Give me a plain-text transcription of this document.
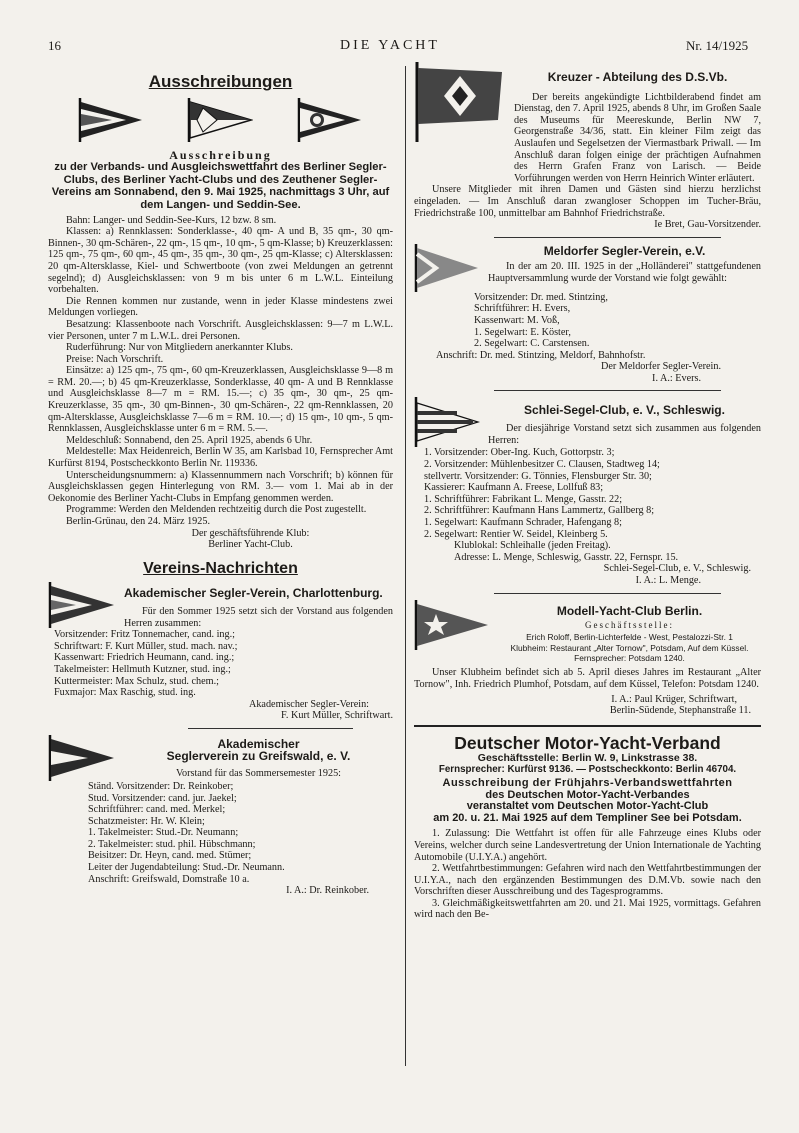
16	DIE YACHT	Nr. 14/1925
Ausschreibungen
Ausschreibung
zu der Verbands- und Ausgleichswettfahrt des Berliner Segler-Clubs, des Berliner Yacht-Clubs und des Zeuthener Segler-Vereins am Sonnabend, den 9. Mai 1925, nachmittags 3 Uhr, auf dem Langen- und Seddin-See.

Bahn: Langer- und Seddin-See-Kurs, 12 bzw. 8 sm.

Klassen: a) Rennklassen: Sonderklasse-, 40 qm- A und B, 35 qm-, 30 qm-Binnen-, 30 qm-Schären-, 22 qm-, 15 qm-, 10 qm-, 5 qm-Klasse; b) Kreuzerklassen: 125 qm-, 75 qm-, 60 qm-, 45 qm-, 35 qm-, 30 qm-, 25 qm-Klasse; c) Altersklassen: 20 qm-Altersklasse, Kiel- und Schwertboote (von zwei Meldungen an getrennt segelnd); d) Ausgleichsklassen: von 9 m bis unter 6 m L.W.L. Einteilung vorbehalten.

Die Rennen kommen nur zustande, wenn in jeder Klasse mindestens zwei Meldungen vorliegen.

Besatzung: Klassenboote nach Vorschrift. Ausgleichsklassen: 9—7 m L.W.L. vier Personen, unter 7 m L.W.L. drei Personen.

Ruderführung: Nur von Mitgliedern anerkannter Klubs.

Preise: Nach Vorschrift.

Einsätze: a) 125 qm-, 75 qm-, 60 qm-Kreuzerklassen, Ausgleichsklasse 9—8 m = RM. 20.—; b) 45 qm-Kreuzerklasse, Sonderklasse, 40 qm- A und B Rennklasse und Ausgleichsklasse 8—7 m = RM. 15.—; c) 35 qm-, 30 qm-, 25 qm-Kreuzerklasse, 35 qm-, 30 qm-Binnen-, 30 qm-Schären-, 22 qm-Rennklassen, 20 qm-Altersklasse, Ausgleichsklasse 7—6 m = RM. 10.—; d) 15 qm-, 10 qm-, 5 qm-Rennklassen, Ausgleichsklasse unter 6 m = RM. 5.—.

Meldeschluß: Sonnabend, den 25. April 1925, abends 6 Uhr.

Meldestelle: Max Heidenreich, Berlin W 35, am Karlsbad 10, Fernsprecher Amt Kurfürst 8194, Postscheckkonto Berlin Nr. 119336.

Unterscheidungsnummern: a) Klassennummern nach Vorschrift; b) können für Ausgleichsklassen gegen Hinterlegung von RM. 3.— vom 1. Mai ab in der Oekonomie des Berliner Yacht-Clubs in Empfang genommen werden.

Programme: Werden den Meldenden rechtzeitig durch die Post zugestellt.

Berlin-Grünau, den 24. März 1925.

Der geschäftsführende Klub:

Berliner Yacht-Club.

Vereins-Nachrichten
Akademischer Segler-Verein, Charlottenburg.

Für den Sommer 1925 setzt sich der Vorstand aus folgenden Herren zusammen:

Vorsitzender: Fritz Tonnemacher, cand. ing.;

Schriftwart: F. Kurt Müller, stud. mach. nav.;

Kassenwart: Friedrich Heumann, cand. ing.;

Takelmeister: Hellmuth Kutzner, stud. ing.;

Kuttermeister: Max Schulz, stud. chem.;

Fuxmajor: Max Raschig, stud. ing.

Akademischer Segler-Verein:

F. Kurt Müller, Schriftwart.

Akademischer
Seglerverein zu Greifswald, e. V.

Vorstand für das Sommersemester 1925:

Ständ. Vorsitzender: Dr. Reinkober;

Stud. Vorsitzender: cand. jur. Jaekel;

Schriftführer: cand. med. Merkel;

Schatzmeister: Hr. W. Klein;

1. Takelmeister: Stud.-Dr. Neumann;

2. Takelmeister: stud. phil. Hübschmann;

Beisitzer: Dr. Heyn, cand. med. Stümer;

Leiter der Jugendabteilung: Stud.-Dr. Neumann.

Anschrift: Greifswald, Domstraße 10 a.

I. A.: Dr. Reinkober.

Kreuzer - Abteilung des D.S.Vb.

Der bereits angekündigte Lichtbilderabend findet am Dienstag, den 7. April 1925, abends 8 Uhr, im Großen Saale des Museums für Meereskunde, Berlin NW 7, Georgenstraße 34/36, statt. Ein kleiner Film zeigt das Auslaufen und Segelsetzen der Viermastbark Priwall. — Im Anschluß daran folgen einige der prächtigen Aufnahmen des Herrn Grafen Franz von Larisch. — Beide Vorführungen werden von Herrn Heinrich Winter erläutert.

Unsere Mitglieder mit ihren Damen und Gästen sind hierzu herzlichst eingeladen. — Im Anschluß daran zwangloser Schoppen im Tucher-Bräu, Friedrichstraße 100, unmittelbar am Bahnhof Friedrichstraße.

Ie Bret, Gau-Vorsitzender.

Meldorfer Segler-Verein, e.V.

In der am 20. III. 1925 in der „Holländerei" stattgefundenen Hauptversammlung wurde der Vorstand wie folgt gewählt:

Vorsitzender: Dr. med. Stintzing,

Schriftführer: H. Evers,

Kassenwart: M. Voß,

1. Segelwart: E. Köster,

2. Segelwart: C. Carstensen.

Anschrift: Dr. med. Stintzing, Meldorf, Bahnhofstr.

Der Meldorfer Segler-Verein.

I. A.: Evers.

Schlei-Segel-Club, e. V., Schleswig.

Der diesjährige Vorstand setzt sich zusammen aus folgenden Herren:

1. Vorsitzender: Ober-Ing. Kuch, Gottorpstr. 3;

2. Vorsitzender: Mühlenbesitzer C. Clausen, Stadtweg 14;

stellvertr. Vorsitzender: G. Tönnies, Flensburger Str. 30;

Kassierer: Kaufmann A. Freese, Lollfuß 83;

1. Schriftführer: Fabrikant L. Menge, Gasstr. 22;

2. Schriftführer: Kaufmann Hans Lammertz, Gallberg 8;

1. Segelwart: Kaufmann Schrader, Hafengang 8;

2. Segelwart: Rentier W. Seidel, Kleinberg 5.

Klublokal: Schleihalle (jeden Freitag).

Adresse: L. Menge, Schleswig, Gasstr. 22, Fernspr. 15.

Schlei-Segel-Club, e. V., Schleswig.

I. A.: L. Menge.

Modell-Yacht-Club Berlin.

Geschäftsstelle:

Erich Roloff, Berlin-Lichterfelde - West, Pestalozzi-Str. 1

Klubheim: Restaurant „Alter Tornow", Potsdam, Auf dem Küssel. Fernsprecher: Potsdam 1240.

Unser Klubheim befindet sich ab 5. April dieses Jahres im Restaurant „Alter Tornow", Inh. Friedrich Plumhof, Potsdam, auf dem Küssel, Telefon: Potsdam 1240.

I. A.: Paul Krüger, Schriftwart,

Berlin-Südende, Stephanstraße 11.

Deutscher Motor-Yacht-Verband

Geschäftsstelle: Berlin W. 9, Linkstrasse 38.

Fernsprecher: Kurfürst 9136. — Postscheckkonto: Berlin 46704.

Ausschreibung der Frühjahrs-Verbandswettfahrten

des Deutschen Motor-Yacht-Verbandes

veranstaltet vom Deutschen Motor-Yacht-Club

am 20. u. 21. Mai 1925 auf dem Templiner See bei Potsdam.

1. Zulassung: Die Wettfahrt ist offen für alle Fahrzeuge eines Klubs oder Vereins, welcher durch seine Landesvertretung der Union Internationale de Yachting Automobile (U.I.Y.A.) angehört.

2. Wettfahrtbestimmungen: Gefahren wird nach den Wettfahrtbestimmungen der U.I.Y.A., nach den ergänzenden Bestimmungen des D.M.Vb. sowie nach den Vorschriften dieser Ausschreibung und des Tagesprogramms.

3. Gleichmäßigkeitswettfahrten am 20. und 21. Mai 1925, vormittags. Gefahren wird nach den Be-
